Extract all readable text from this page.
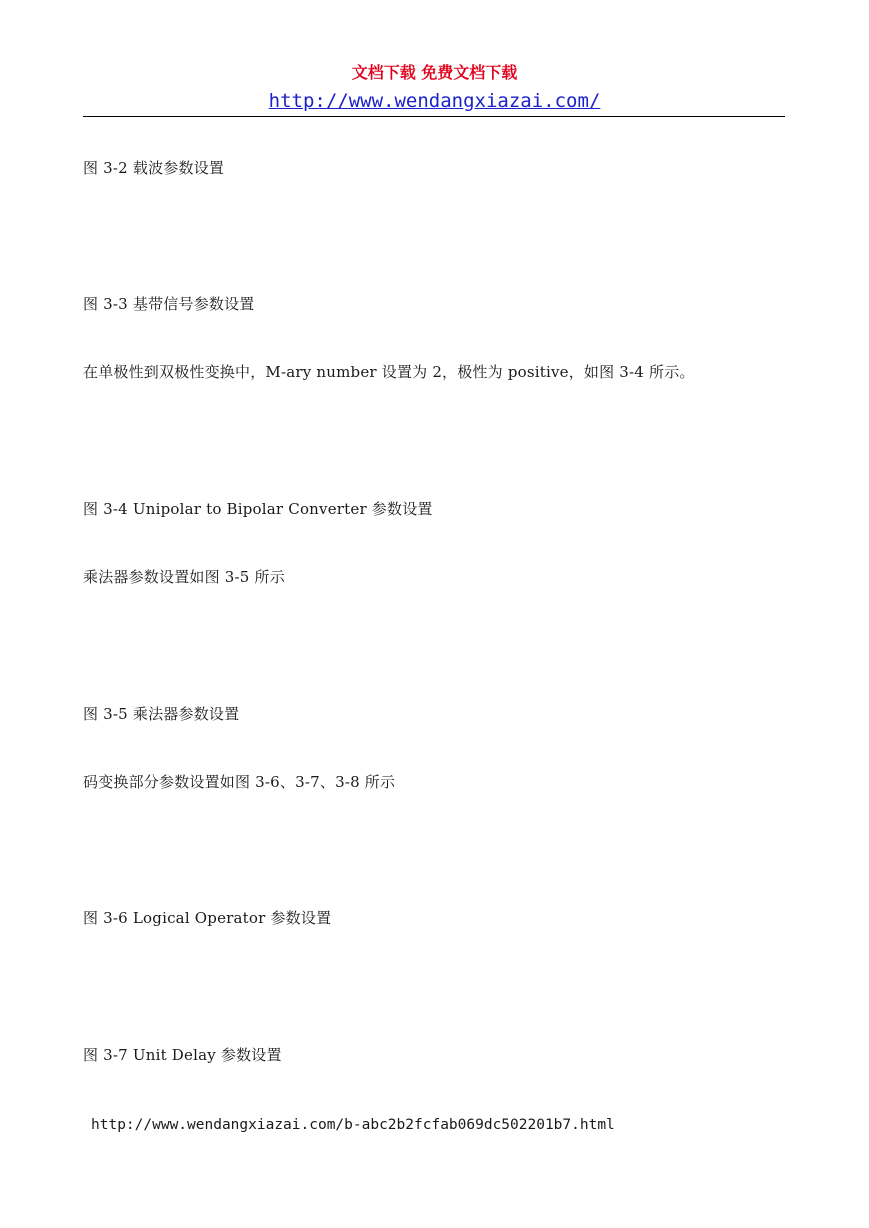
文档下载 免费文档下载
http://www.wendangxiazai.com/
图 3-2 载波参数设置
图 3-3 基带信号参数设置
在单极性到双极性变换中，M-ary number 设置为 2，极性为 positive，如图 3-4 所示。
图 3-4 Unipolar to Bipolar Converter 参数设置
乘法器参数设置如图 3-5 所示
图 3-5 乘法器参数设置
码变换部分参数设置如图 3-6、3-7、3-8 所示
图 3-6 Logical Operator 参数设置
图 3-7 Unit Delay 参数设置
http://www.wendangxiazai.com/b-abc2b2fcfab069dc502201b7.html
